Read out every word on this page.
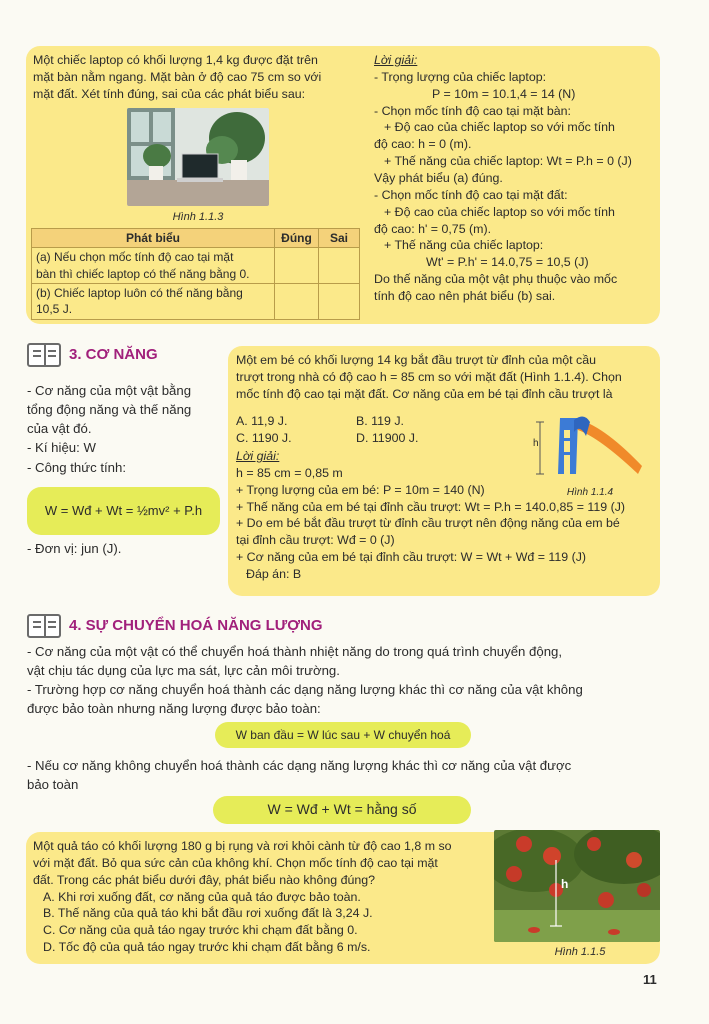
Một chiếc laptop có khối lượng 1,4 kg được đặt trên
mặt bàn nằm ngang. Mặt bàn ở độ cao 75 cm so với
mặt đất. Xét tính đúng, sai của các phát biểu sau:
Hình 1.1.3
Phát biểu	Đúng	Sai

(a) Nếu chọn mốc tính độ cao tại mặt
bàn thì chiếc laptop có thế năng bằng 0.		

(b) Chiếc laptop luôn có thế năng bằng
10,5 J.		

Lời giải:
- Trọng lượng của chiếc laptop:
P = 10m = 10.1,4 = 14 (N)
- Chọn mốc tính độ cao tại mặt bàn:
+ Độ cao của chiếc laptop so với mốc tính
độ cao: h = 0 (m).
+ Thế năng của chiếc laptop: Wt = P.h = 0 (J)
Vậy phát biểu (a) đúng.
- Chọn mốc tính độ cao tại mặt đất:
+ Độ cao của chiếc laptop so với mốc tính
độ cao: h' = 0,75 (m).
+ Thế năng của chiếc laptop:
Wt' = P.h' = 14.0,75 = 10,5 (J)
Do thế năng của một vật phụ thuộc vào mốc
tính độ cao nên phát biểu (b) sai.
3. CƠ NĂNG
- Cơ năng của một vật bằng
tổng động năng và thế năng
của vật đó.
- Kí hiệu: W
- Công thức tính:
W = Wđ + Wt = ½mv² + P.h
- Đơn vị: jun (J).
Một em bé có khối lượng 14 kg bắt đầu trượt từ đỉnh của một cầu
trượt trong nhà có độ cao h = 85 cm so với mặt đất (Hình 1.1.4). Chọn
mốc tính độ cao tại mặt đất. Cơ năng của em bé tại đỉnh cầu trượt là
A. 11,9 J.	B. 119 J.
C. 1190 J.	D. 11900 J.
Lời giải:
h = 85 cm = 0,85 m
+ Trọng lượng của em bé: P = 10m = 140 (N)
+ Thế năng của em bé tại đỉnh cầu trượt: Wt = P.h = 140.0,85 = 119 (J)
+ Do em bé bắt đầu trượt từ đỉnh cầu trượt nên động năng của em bé
tại đỉnh cầu trượt: Wđ = 0 (J)
+ Cơ năng của em bé tại đỉnh cầu trượt: W = Wt + Wđ = 119 (J)
Đáp án: B
h
Hình 1.1.4
4. SỰ CHUYỂN HOÁ NĂNG LƯỢNG
- Cơ năng của một vật có thể chuyển hoá thành nhiệt năng do trong quá trình chuyển động,
vật chịu tác dụng của lực ma sát, lực cản môi trường.
- Trường hợp cơ năng chuyển hoá thành các dạng năng lượng khác thì cơ năng của vật không
được bảo toàn nhưng năng lượng được bảo toàn:
W ban đầu = W lúc sau + W chuyển hoá
- Nếu cơ năng không chuyển hoá thành các dạng năng lượng khác thì cơ năng của vật được
bảo toàn
W = Wđ + Wt = hằng số
Một quả táo có khối lượng 180 g bị rụng và rơi khỏi cành từ độ cao 1,8 m so
với mặt đất. Bỏ qua sức cản của không khí. Chọn mốc tính độ cao tại mặt
đất. Trong các phát biểu dưới đây, phát biểu nào không đúng?
A. Khi rơi xuống đất, cơ năng của quả táo được bảo toàn.
B. Thế năng của quả táo khi bắt đầu rơi xuống đất là 3,24 J.
C. Cơ năng của quả táo ngay trước khi chạm đất bằng 0.
D. Tốc độ của quả táo ngay trước khi chạm đất bằng 6 m/s.
h
Hình 1.1.5
11
